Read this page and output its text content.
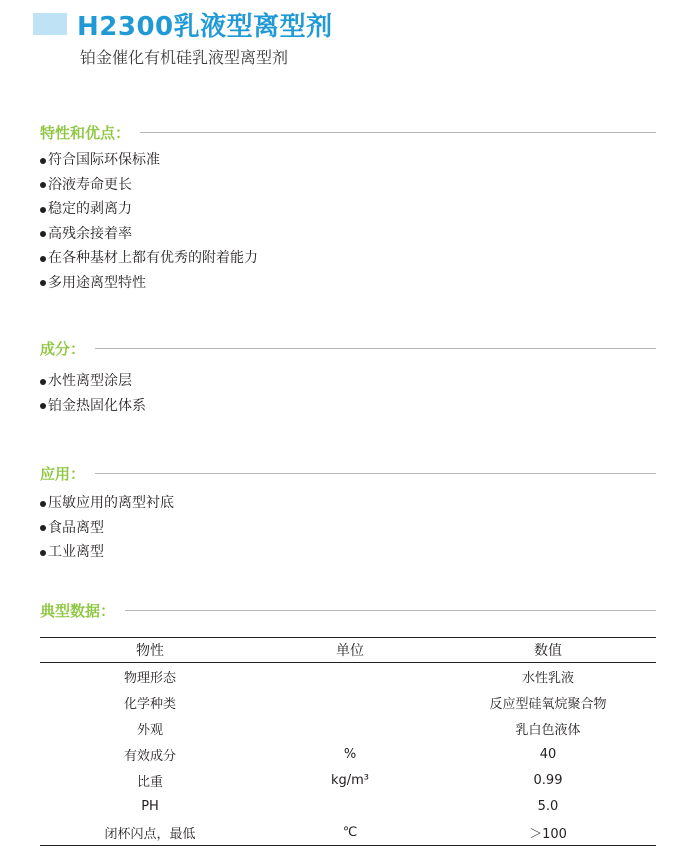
H2300乳液型离型剂

铂金催化有机硅乳液型离型剂

特性和优点：
符合国际环保标准
浴液寿命更长
稳定的剥离力
高残余接着率
在各种基材上都有优秀的附着能力
多用途离型特性
成分：
水性离型涂层
铂金热固化体系
应用：
压敏应用的离型衬底
食品离型
工业离型
典型数据：
物性	单位	数值
物理形态		水性乳液
化学种类		反应型硅氧烷聚合物
外观		乳白色液体
有效成分	%	40
比重	kg/m³	0.99
PH		5.0
闭杯闪点，最低	℃	＞100
